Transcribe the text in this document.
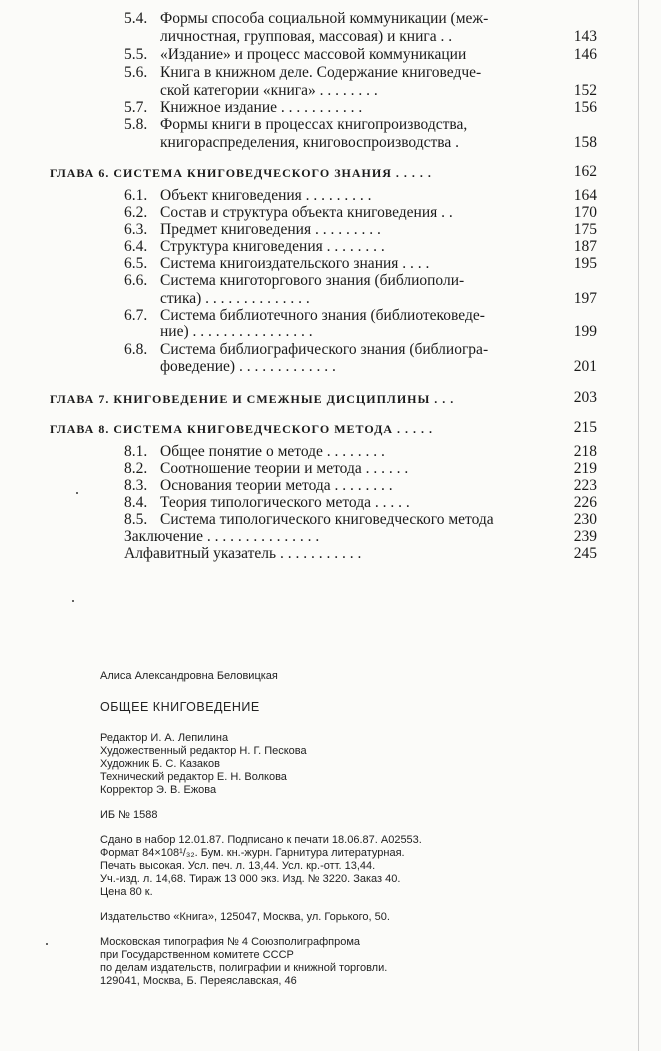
5.4. Формы способа социальной коммуникации (меж-
личностная, групповая, массовая) и книга . .	143
5.5. «Издание» и процесс массовой коммуникации	146
5.6. Книга в книжном деле. Содержание книговедче-
ской категории «книга» . . . . . . . .	152
5.7. Книжное издание . . . . . . . . . . .	156
5.8. Формы книги в процессах книгопроизводства,
книгораспределения, книговоспроизводства .	158
ГЛАВА 6. СИСТЕМА КНИГОВЕДЧЕСКОГО ЗНАНИЯ . . . . .	162
6.1. Объект книговедения . . . . . . . . .	164
6.2. Состав и структура объекта книговедения . .	170
6.3. Предмет книговедения . . . . . . . . .	175
6.4. Структура книговедения . . . . . . . .	187
6.5. Система книгоиздательского знания . . . .	195
6.6. Система книготоргового знания (библиополи-
стика) . . . . . . . . . . . . . .	197
6.7. Система библиотечного знания (библиотековеде-
ние) . . . . . . . . . . . . . . . .	199
6.8. Система библиографического знания (библиогра-
фоведение) . . . . . . . . . . . . .	201
ГЛАВА 7. КНИГОВЕДЕНИЕ И СМЕЖНЫЕ ДИСЦИПЛИНЫ . . .	203
ГЛАВА 8. СИСТЕМА КНИГОВЕДЧЕСКОГО МЕТОДА . . . . .	215
8.1. Общее понятие о методе . . . . . . . .	218
8.2. Соотношение теории и метода . . . . . .	219
8.3. Основания теории метода . . . . . . . .	223
8.4. Теория типологического метода . . . . .	226
8.5. Система типологического книговедческого метода	230
Заключение . . . . . . . . . . . . . . .	239
Алфавитный указатель . . . . . . . . . . .	245
Алиса Александровна Беловицкая
ОБЩЕЕ КНИГОВЕДЕНИЕ
Редактор И. А. Лепилина
Художественный редактор Н. Г. Пескова
Художник Б. С. Казаков
Технический редактор Е. Н. Волкова
Корректор Э. В. Ежова
ИБ № 1588
Сдано в набор 12.01.87. Подписано к печати 18.06.87. А02553.
Формат 84×108¹/₃₂. Бум. кн.-журн. Гарнитура литературная.
Печать высокая. Усл. печ. л. 13,44. Усл. кр.-отт. 13,44.
Уч.-изд. л. 14,68. Тираж 13 000 экз. Изд. № 3220. Заказ 40.
Цена 80 к.
Издательство «Книга», 125047, Москва, ул. Горького, 50.
Московская типография № 4 Союзполиграфпрома
при Государственном комитете СССР
по делам издательств, полиграфии и книжной торговли.
129041, Москва, Б. Переяславская, 46
